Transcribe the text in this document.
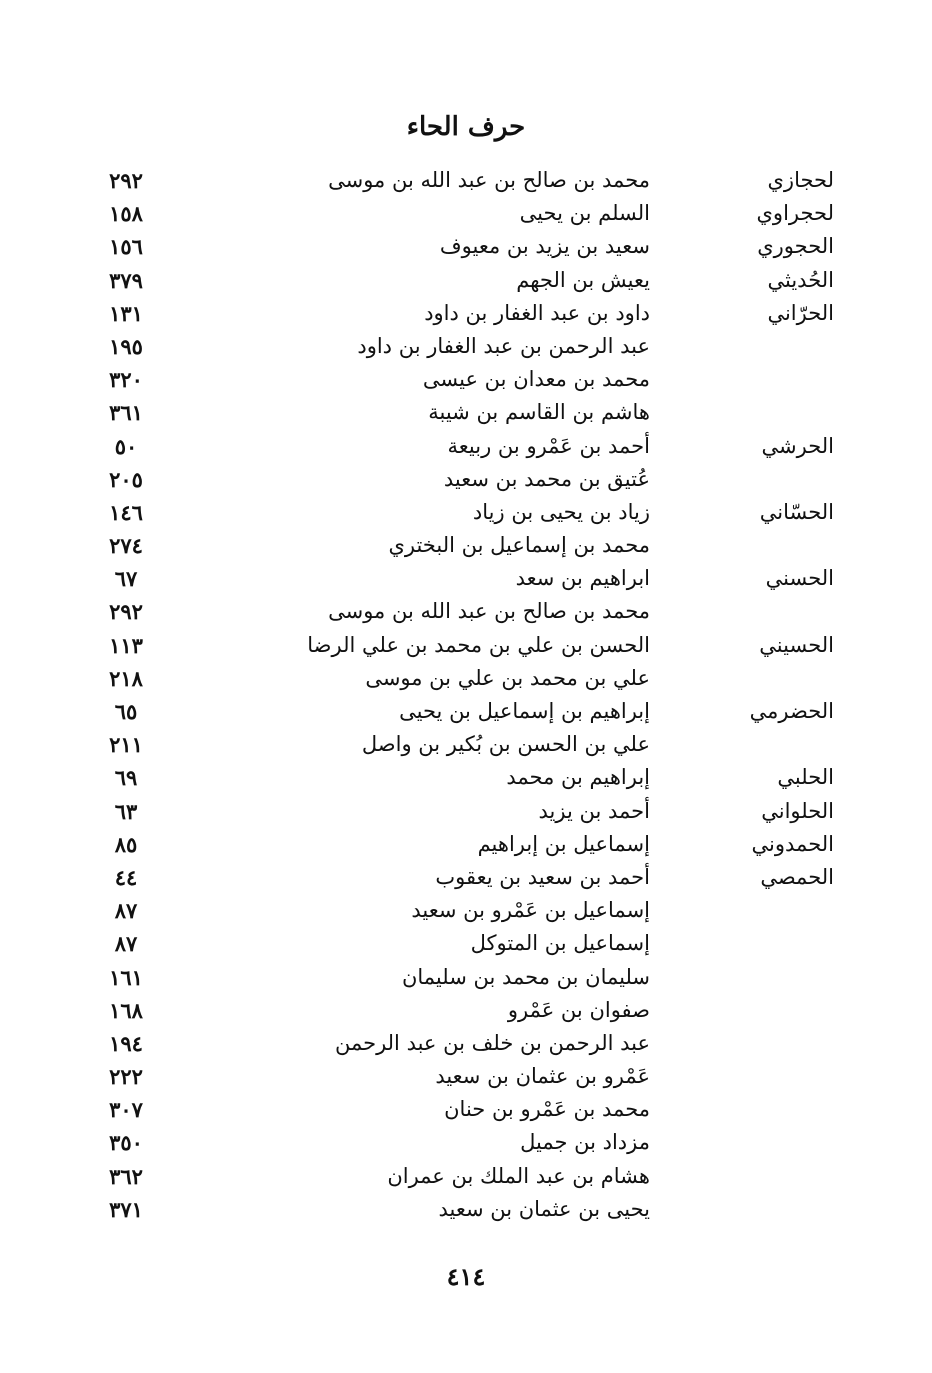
حرف الحاء
لحجازي
محمد بن صالح بن عبد الله بن موسى
٢٩٢
لحجراوي
السلم بن يحيى
١٥٨
الحجوري
سعيد بن يزيد بن معيوف
١٥٦
الحُديثي
يعيش بن الجهم
٣٧٩
الحرّاني
داود بن عبد الغفار بن داود
١٣١
عبد الرحمن بن عبد الغفار بن داود
١٩٥
محمد بن معدان بن عيسى
٣٢٠
هاشم بن القاسم بن شيبة
٣٦١
الحرشي
أحمد بن عَمْرو بن ربيعة
٥٠
عُتيق بن محمد بن سعيد
٢٠٥
الحسّاني
زياد بن يحيى بن زياد
١٤٦
محمد بن إسماعيل بن البختري
٢٧٤
الحسني
ابراهيم بن سعد
٦٧
محمد بن صالح بن عبد الله بن موسى
٢٩٢
الحسيني
الحسن بن علي بن محمد بن علي الرضا
١١٣
علي بن محمد بن علي بن موسى
٢١٨
الحضرمي
إبراهيم بن إسماعيل بن يحيى
٦٥
علي بن الحسن بن بُكير بن واصل
٢١١
الحلبي
إبراهيم بن محمد
٦٩
الحلواني
أحمد بن يزيد
٦٣
الحمدوني
إسماعيل بن إبراهيم
٨٥
الحمصي
أحمد بن سعيد بن يعقوب
٤٤
إسماعيل بن عَمْرو بن سعيد
٨٧
إسماعيل بن المتوكل
٨٧
سليمان بن محمد بن سليمان
١٦١
صفوان بن عَمْرو
١٦٨
عبد الرحمن بن خلف بن عبد الرحمن
١٩٤
عَمْرو بن عثمان بن سعيد
٢٢٢
محمد بن عَمْرو بن حنان
٣٠٧
مزداد بن جميل
٣٥٠
هشام بن عبد الملك بن عمران
٣٦٢
يحيى بن عثمان بن سعيد
٣٧١
٤١٤
